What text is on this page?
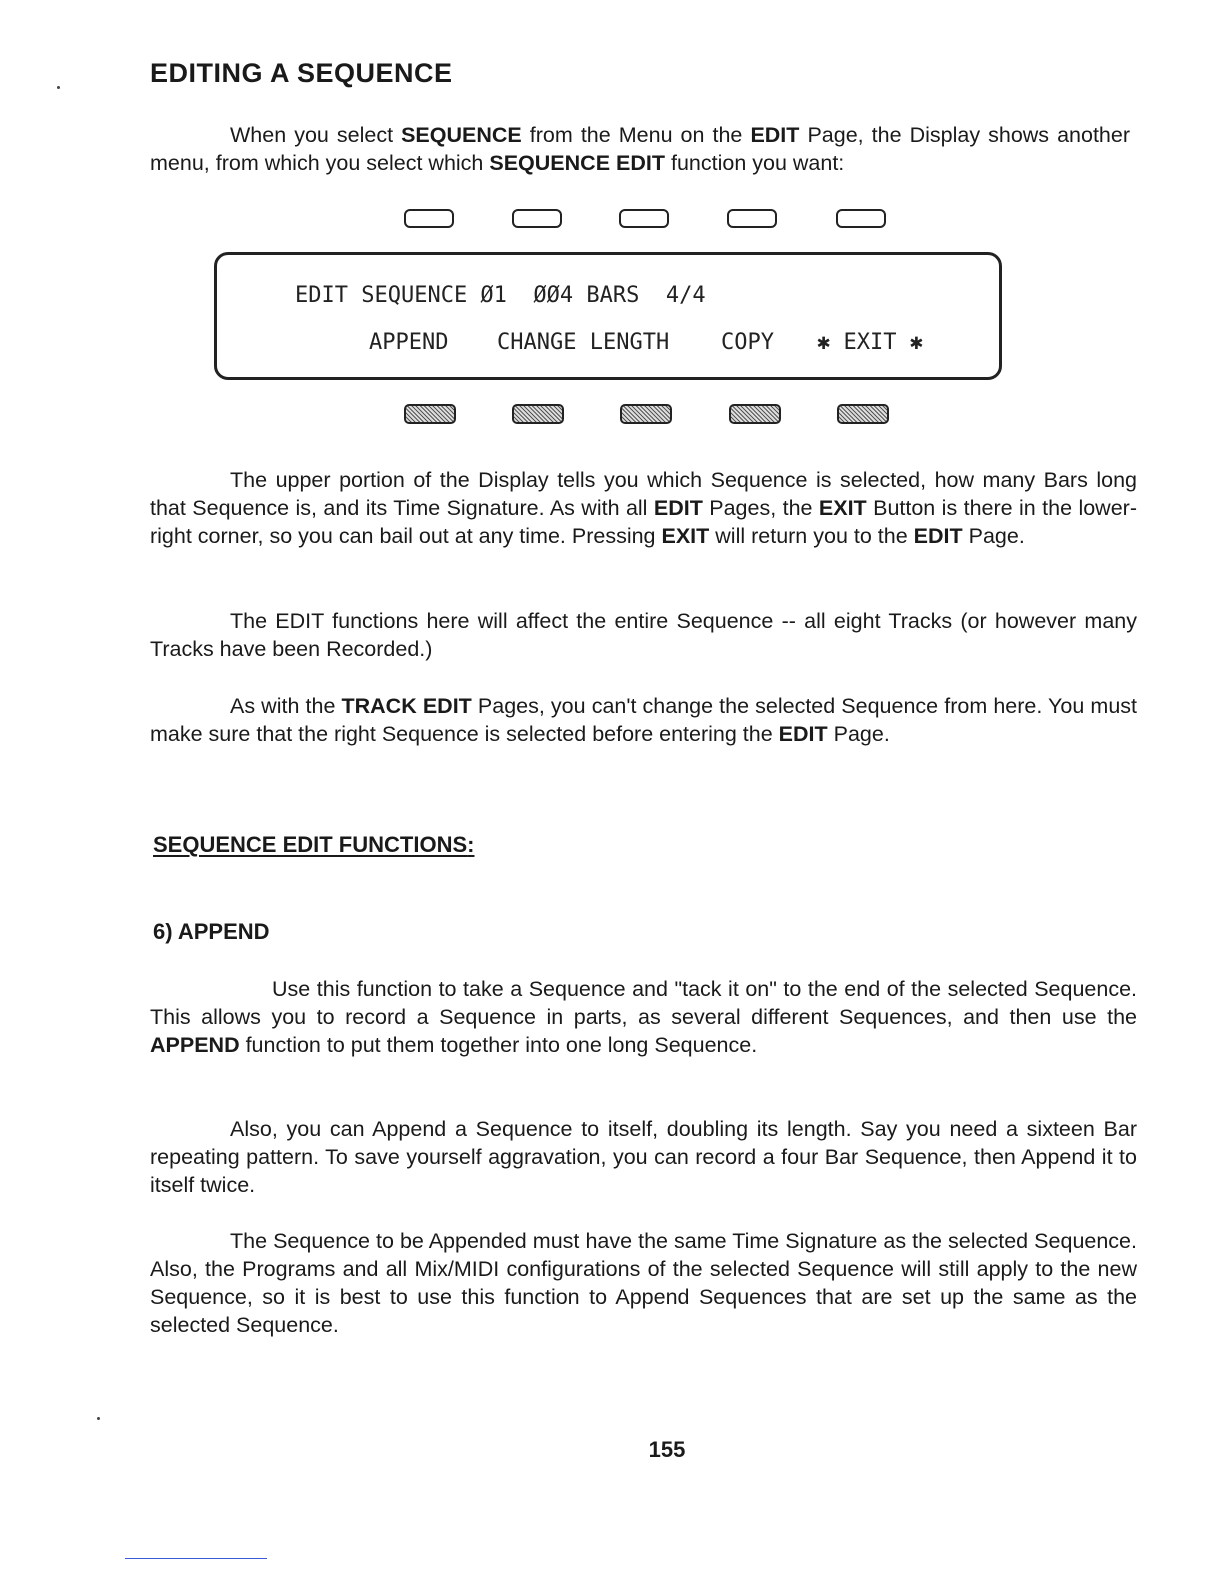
EDITING A SEQUENCE
When you select SEQUENCE from the Menu on the EDIT Page, the Display shows another menu, from which you select which SEQUENCE EDIT function you want:
EDIT SEQUENCE Ø1  ØØ4 BARS  4/4
APPEND CHANGE LENGTH COPY ✱ EXIT ✱
The upper portion of the Display tells you which Sequence is selected, how many Bars long that Sequence is, and its Time Signature. As with all EDIT Pages, the EXIT Button is there in the lower-right corner, so you can bail out at any time. Pressing EXIT will return you to the EDIT Page.
The EDIT functions here will affect the entire Sequence -- all eight Tracks (or however many Tracks have been Recorded.)
As with the TRACK EDIT Pages, you can't change the selected Sequence from here. You must make sure that the right Sequence is selected before entering the EDIT Page.
SEQUENCE EDIT FUNCTIONS:
6) APPEND
Use this function to take a Sequence and "tack it on" to the end of the selected Sequence. This allows you to record a Sequence in parts, as several different Sequences, and then use the APPEND function to put them together into one long Sequence.
Also, you can Append a Sequence to itself, doubling its length. Say you need a sixteen Bar repeating pattern. To save yourself aggravation, you can record a four Bar Sequence, then Append it to itself twice.
The Sequence to be Appended must have the same Time Signature as the selected Sequence. Also, the Programs and all Mix/MIDI configurations of the selected Sequence will still apply to the new Sequence, so it is best to use this function to Append Sequences that are set up the same as the selected Sequence.
155
